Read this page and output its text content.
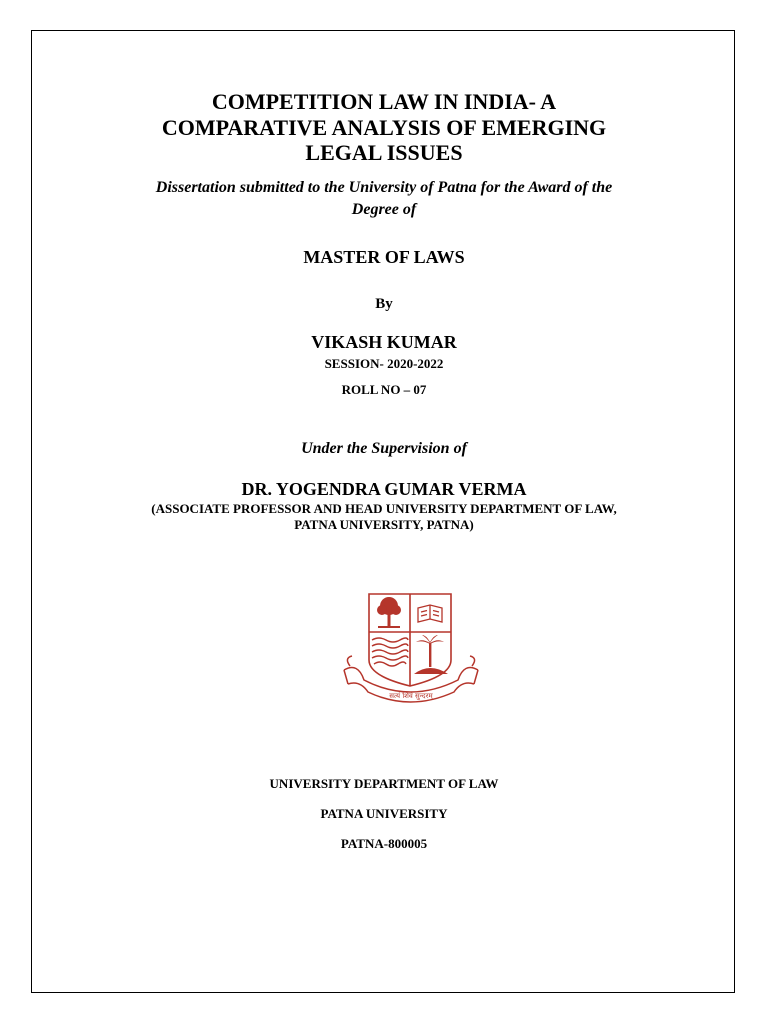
COMPETITION LAW IN INDIA- A
COMPARATIVE ANALYSIS OF EMERGING
LEGAL ISSUES
Dissertation submitted to the University of Patna for the Award of the
Degree of
MASTER OF LAWS
By
VIKASH KUMAR
SESSION- 2020-2022
ROLL NO – 07
Under the Supervision of
DR. YOGENDRA GUMAR VERMA
(ASSOCIATE PROFESSOR AND HEAD UNIVERSITY DEPARTMENT OF LAW,
PATNA UNIVERSITY, PATNA)
सत्यं शिवं सुन्दरम्
UNIVERSITY DEPARTMENT OF LAW
PATNA UNIVERSITY
PATNA-800005
